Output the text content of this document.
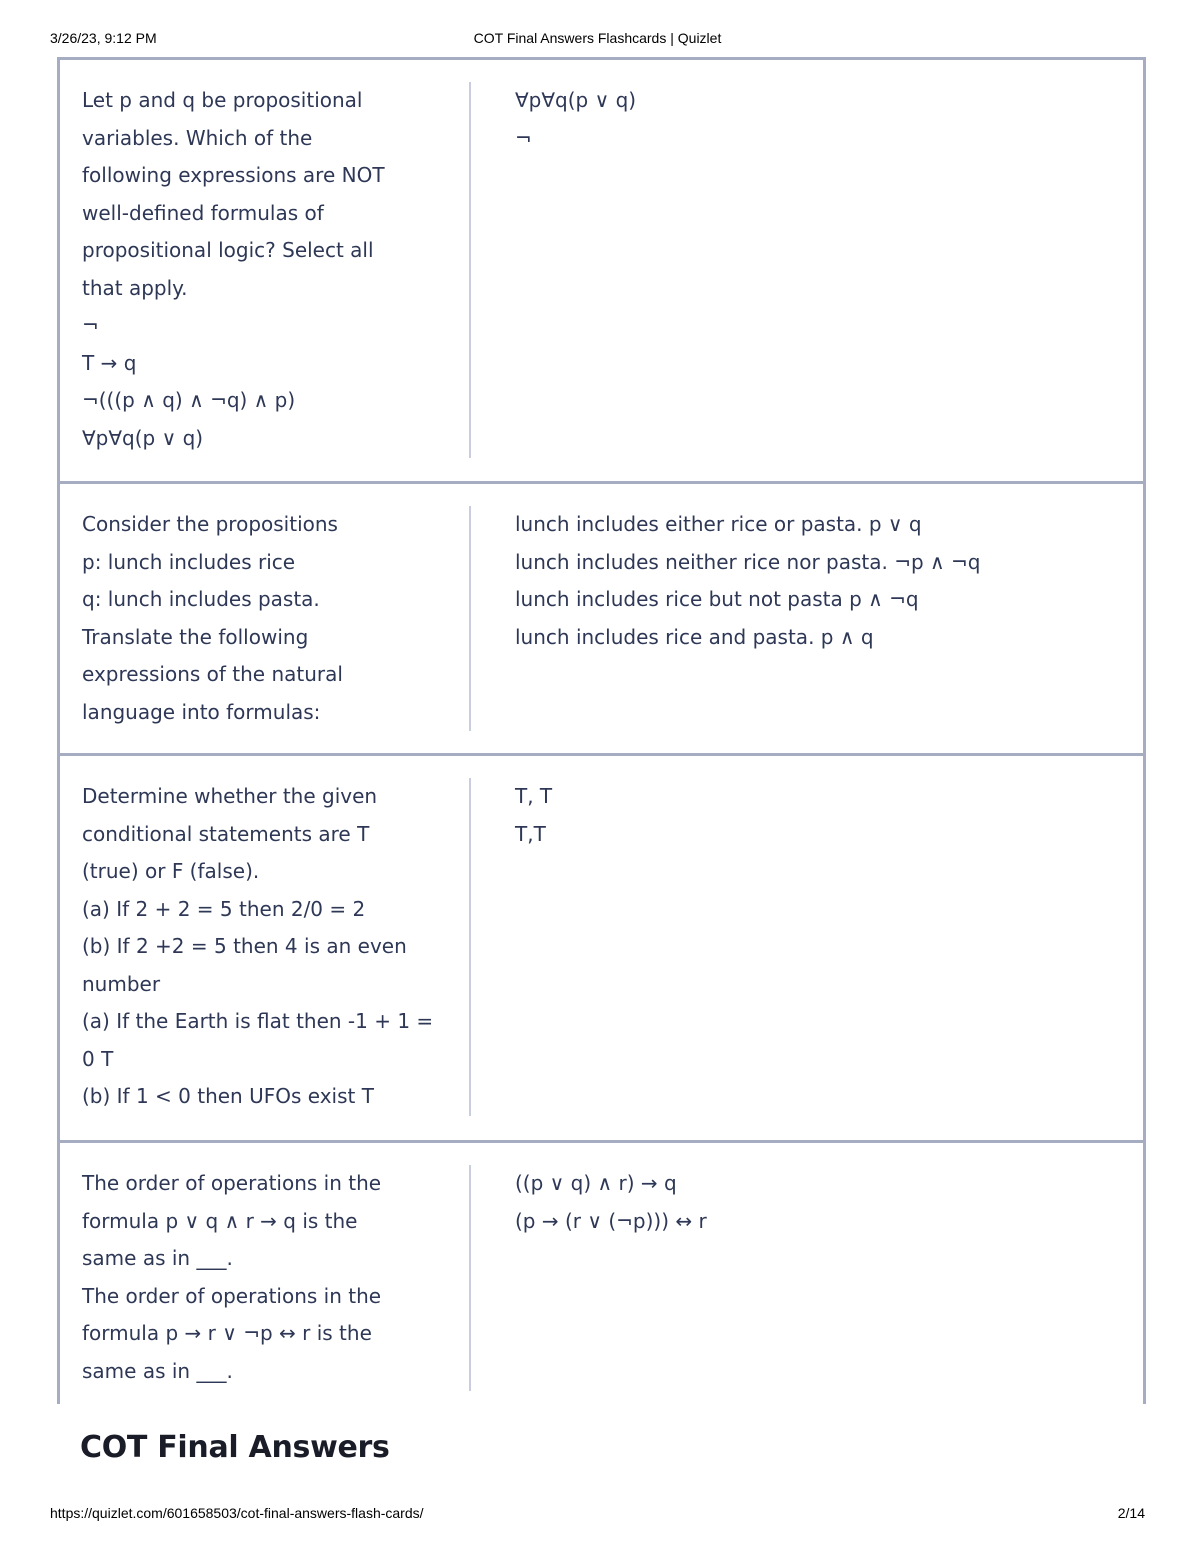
3/26/23, 9:12 PM	COT Final Answers Flashcards | Quizlet
Let p and q be propositional
variables. Which of the
following expressions are NOT
well-defined formulas of
propositional logic? Select all
that apply.
¬
T → q
¬(((p ∧ q) ∧ ¬q) ∧ p)
∀p∀q(p ∨ q)
∀p∀q(p ∨ q)
¬
Consider the propositions
p: lunch includes rice
q: lunch includes pasta.
Translate the following
expressions of the natural
language into formulas:
lunch includes either rice or pasta. p ∨ q
lunch includes neither rice nor pasta. ¬p ∧ ¬q
lunch includes rice but not pasta p ∧ ¬q
lunch includes rice and pasta. p ∧ q
Determine whether the given
conditional statements are T
(true) or F (false).
(a) If 2 + 2 = 5 then 2/0 = 2
(b) If 2 +2 = 5 then 4 is an even
number
(a) If the Earth is flat then -1 + 1 =
0 T
(b) If 1 < 0 then UFOs exist T
T, T
T,T
The order of operations in the
formula p ∨ q ∧ r → q is the
same as in ___.
The order of operations in the
formula p → r ∨ ¬p ↔ r is the
same as in ___.
((p ∨ q) ∧ r) → q
(p → (r ∨ (¬p))) ↔ r
COT Final Answers
https://quizlet.com/601658503/cot-final-answers-flash-cards/	2/14
